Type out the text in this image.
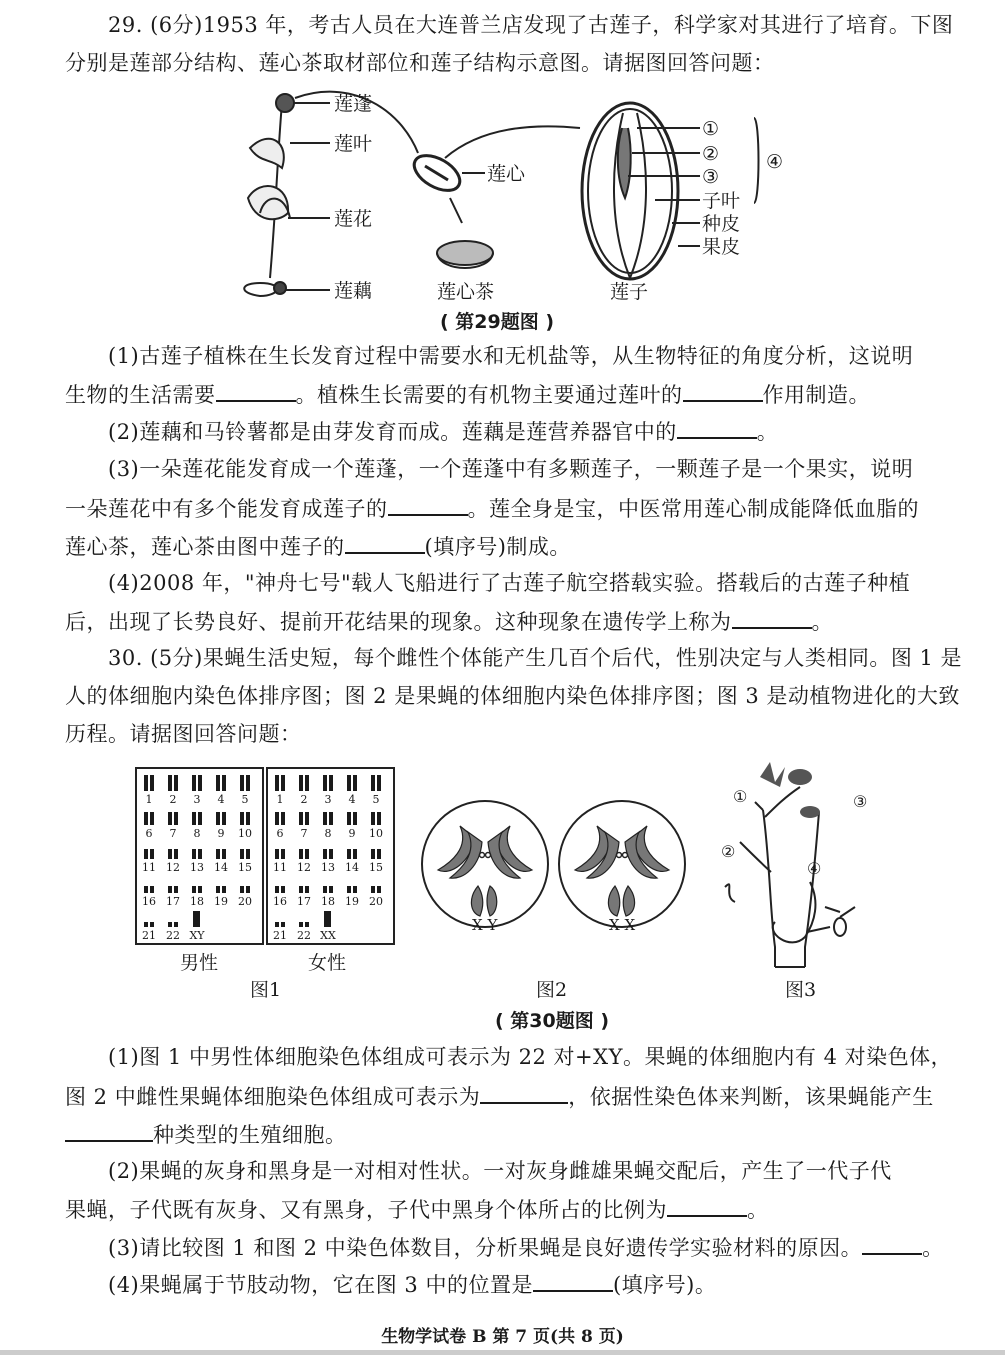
29. (6分)1953 年，考古人员在大连普兰店发现了古莲子，科学家对其进行了培育。下图
分别是莲部分结构、莲心茶取材部位和莲子结构示意图。请据图回答问题：
莲蓬
莲叶
莲花
莲藕
莲心
莲心茶	莲子
①
②
③
子叶
种皮
果皮
④
( 第29题图 )
(1)古莲子植株在生长发育过程中需要水和无机盐等，从生物特征的角度分析，这说明
生物的生活需要	。植株生长需要的有机物主要通过莲叶的	作用制造。
(2)莲藕和马铃薯都是由芽发育而成。莲藕是莲营养器官中的	。
(3)一朵莲花能发育成一个莲蓬，一个莲蓬中有多颗莲子，一颗莲子是一个果实，说明
一朵莲花中有多个能发育成莲子的	。莲全身是宝，中医常用莲心制成能降低血脂的
莲心茶，莲心茶由图中莲子的	(填序号)制成。
(4)2008 年，"神舟七号"载人飞船进行了古莲子航空搭载实验。搭载后的古莲子种植
后，出现了长势良好、提前开花结果的现象。这种现象在遗传学上称为	。
30. (5分)果蝇生活史短，每个雌性个体能产生几百个后代，性别决定与人类相同。图 1 是
人的体细胞内染色体排序图；图 2 是果蝇的体细胞内染色体排序图；图 3 是动植物进化的大致
历程。请据图回答问题：
1 2 3 4 5
6 7 8 9 10
11 12 13 14 15
16 17 18 19 20
21 22 XY
1 2 3 4 5
6 7 8 9 10
11 12 13 14 15
16 17 18 19 20
21 22 XX
男性	女性
图1
X Y	X X
图2
①
②
③
④
图3
( 第30题图 )
(1)图 1 中男性体细胞染色体组成可表示为 22 对+XY。果蝇的体细胞内有 4 对染色体，
图 2 中雌性果蝇体细胞染色体组成可表示为	，依据性染色体来判断，该果蝇能产生
种类型的生殖细胞。
(2)果蝇的灰身和黑身是一对相对性状。一对灰身雌雄果蝇交配后，产生了一代子代
果蝇，子代既有灰身、又有黑身，子代中黑身个体所占的比例为	。
(3)请比较图 1 和图 2 中染色体数目，分析果蝇是良好遗传学实验材料的原因。	。
(4)果蝇属于节肢动物，它在图 3 中的位置是	(填序号)。
生物学试卷 B 第 7 页(共 8 页)
